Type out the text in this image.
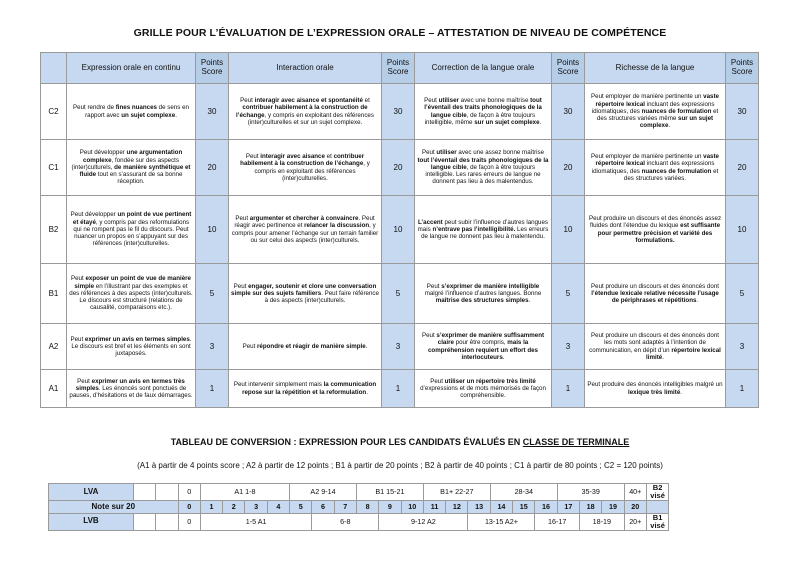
GRILLE POUR L’ÉVALUATION DE L’EXPRESSION ORALE – ATTESTATION DE NIVEAU DE COMPÉTENCE
	Expression orale en continu	Points Score	Interaction orale	Points Score	Correction de la langue orale	Points Score	Richesse de la langue	Points Score
C2	Peut rendre de fines nuances de sens en rapport avec un sujet complexe.	30	Peut interagir avec aisance et spontanéité et contribuer habilement à la construction de l’échange, y compris en exploitant des références (inter)culturelles et sur un sujet complexe.	30	Peut utiliser avec une bonne maîtrise tout l’éventail des traits phonologiques de la langue cible, de façon à être toujours intelligible, même sur un sujet complexe.	30	Peut employer de manière pertinente un vaste répertoire lexical incluant des expressions idiomatiques, des nuances de formulation et des structures variées même sur un sujet complexe.	30
C1	Peut développer une argumentation complexe, fondée sur des aspects (inter)culturels, de manière synthétique et fluide tout en s’assurant de sa bonne réception.	20	Peut interagir avec aisance et contribuer habilement à la construction de l’échange, y compris en exploitant des références (inter)culturelles.	20	Peut utiliser avec une assez bonne maîtrise tout l’éventail des traits phonologiques de la langue cible, de façon à être toujours intelligible. Les rares erreurs de langue ne donnent pas lieu à des malentendus.	20	Peut employer de manière pertinente un vaste répertoire lexical incluant des expressions idiomatiques, des nuances de formulation et des structures variées.	20
B2	Peut développer un point de vue pertinent et étayé, y compris par des reformulations qui ne rompent pas le fil du discours. Peut nuancer un propos en s’appuyant sur des références (inter)culturelles.	10	Peut argumenter et chercher à convaincre. Peut réagir avec pertinence et relancer la discussion, y compris pour amener l’échange sur un terrain familier ou sur celui des aspects (inter)culturels.	10	L’accent peut subir l’influence d’autres langues mais n’entrave pas l’intelligibilité. Les erreurs de langue ne donnent pas lieu à malentendu.	10	Peut produire un discours et des énoncés assez fluides dont l’étendue du lexique est suffisante pour permettre précision et variété des formulations.	10
B1	Peut exposer un point de vue de manière simple en l’illustrant par des exemples et des références à des aspects (inter)culturels. Le discours est structuré (relations de causalité, comparaisons etc.).	5	Peut engager, soutenir et clore une conversation simple sur des sujets familiers. Peut faire référence à des aspects (inter)culturels.	5	Peut s’exprimer de manière intelligible malgré l’influence d’autres langues. Bonne maîtrise des structures simples.	5	Peut produire un discours et des énoncés dont l’étendue lexicale relative nécessite l’usage de périphrases et répétitions.	5
A2	Peut exprimer un avis en termes simples. Le discours est bref et les éléments en sont juxtaposés.	3	Peut répondre et réagir de manière simple.	3	Peut s’exprimer de manière suffisamment claire pour être compris, mais la compréhension requiert un effort des interlocuteurs.	3	Peut produire un discours et des énoncés dont les mots sont adaptés à l’intention de communication, en dépit d’un répertoire lexical limité.	3
A1	Peut exprimer un avis en termes très simples. Les énoncés sont ponctués de pauses, d’hésitations et de faux démarrages.	1	Peut intervenir simplement mais la communication repose sur la répétition et la reformulation.	1	Peut utiliser un répertoire très limité d’expressions et de mots mémorisés de façon compréhensible.	1	Peut produire des énoncés intelligibles malgré un lexique très limité.	1
TABLEAU DE CONVERSION : EXPRESSION POUR LES CANDIDATS ÉVALUÉS EN CLASSE DE TERMINALE
(A1 à partir de 4 points score ; A2 à partir de 12 points ; B1 à partir de 20 points ; B2 à partir de 40 points ; C1 à partir de 80 points ; C2 = 120 points)
LVA			0	A1 1-8				A2 9-14			B1 15-21			B1+ 22-27			28-34			35-39			40+	B2 visé
Note sur 20			0	1	2	3	4	5	6	7	8	9	10	11	12	13	14	15	16	17	18	19	20	
LVB			0	1-5 A1					6-8			9-12 A2				13-15 A2+			16-17		18-19		20+	B1 visé
